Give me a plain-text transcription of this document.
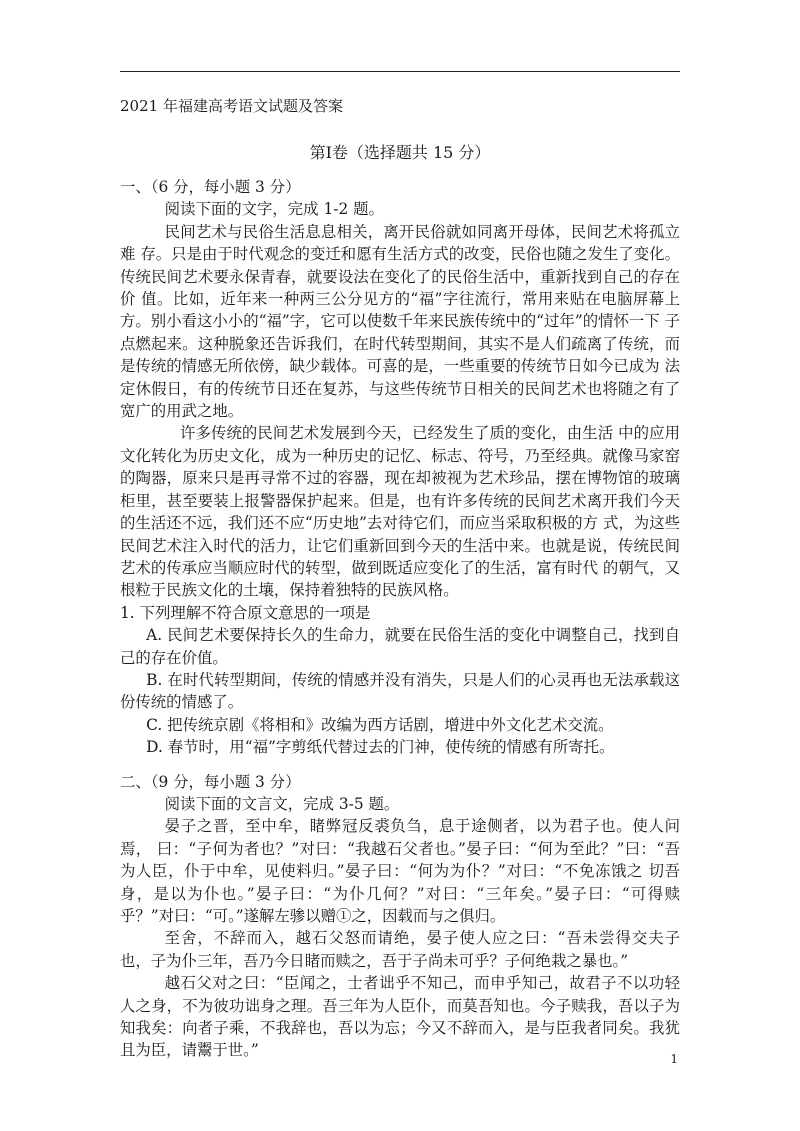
2021 年福建高考语文试题及答案
第Ⅰ卷（选择题共 15 分）

一、（6 分，每小题 3 分）

阅读下面的文字，完成 1-2 题。

民间艺术与民俗生活息息相关，离开民俗就如同离开母体，民间艺术将孤立难 存。只是由于时代观念的变迁和愿有生活方式的改变，民俗也随之发生了变化。传统民间艺术要永保青春，就要设法在变化了的民俗生活中，重新找到自己的存在价 值。比如，近年来一种两三公分见方的“福”字往流行，常用来贴在电脑屏幕上方。别小看这小小的“福”字，它可以使数千年来民族传统中的“过年”的情怀一下 子点燃起来。这种脱象还告诉我们，在时代转型期间，其实不是人们疏离了传统，而是传统的情感无所依傍，缺少载体。可喜的是，一些重要的传统节日如今已成为 法定休假日，有的传统节日还在复苏，与这些传统节日相关的民间艺术也将随之有了宽广的用武之地。

许多传统的民间艺术发展到今天，已经发生了质的变化，由生活 中的应用文化转化为历史文化，成为一种历史的记忆、标志、符号，乃至经典。就像马家窑的陶器，原来只是再寻常不过的容器，现在却被视为艺术珍品，摆在博物馆的玻璃柜里，甚至要装上报警器保护起来。但是，也有许多传统的民间艺术离开我们今天的生活还不远，我们还不应“历史地”去对待它们，而应当采取积极的方 式，为这些民间艺术注入时代的活力，让它们重新回到今天的生活中来。也就是说，传统民间艺术的传承应当顺应时代的转型，做到既适应变化了的生活，富有时代 的朝气，又根粒于民族文化的土壤，保持着独特的民族风格。

1. 下列理解不符合原文意思的一项是

A. 民间艺术要保持长久的生命力，就要在民俗生活的变化中调整自己，找到自己的存在价值。

B. 在时代转型期间，传统的情感并没有消失，只是人们的心灵再也无法承载这份传统的情感了。

C. 把传统京剧《将相和》改编为西方话剧，增进中外文化艺术交流。

D. 春节时，用“福”字剪纸代替过去的门神，使传统的情感有所寄托。

二、（9 分，每小题 3 分）

阅读下面的文言文，完成 3-5 题。

晏子之晋，至中牟，睹弊冠反裘负刍，息于途侧者，以为君子也。使人问焉， 曰：“子何为者也？”对曰：“我越石父者也。”晏子曰：“何为至此？”曰：“吾为人臣，仆于中牟，见使料归。”晏子曰：“何为为仆？”对曰：“不免冻饿之 切吾身，是以为仆也。”晏子曰：“为仆几何？”对曰：“三年矣。”晏子曰：“可得赎乎？”对曰：“可。”遂解左骖以赠①之，因载而与之俱归。

至舍，不辞而入，越石父怒而请绝，晏子使人应之曰：“吾未尝得交夫子也，子为仆三年，吾乃今日睹而赎之，吾于子尚未可乎？子何绝栽之暴也。”

越石父对之曰：“臣闻之，士者诎乎不知己，而申乎知己，故君子不以功轻人之身，不为彼功诎身之理。吾三年为人臣仆，而莫吾知也。今子赎我，吾以子为知我矣：向者子乘，不我辞也，吾以为忘；今又不辞而入，是与臣我者同矣。我犹且为臣，请鬻于世。”	1
